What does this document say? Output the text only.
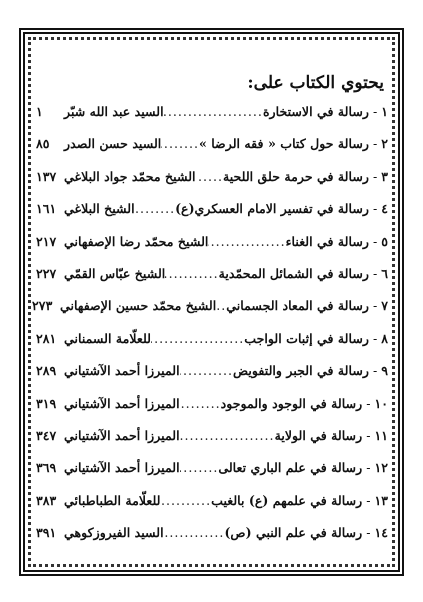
يحتوي الكتاب على:
١
-
رسالة في الاستخارة
.....
السيد عبد الله شبّر
١
٢
-
رسالة حول كتاب « فقه الرضا »
.....
السيد حسن الصدر
٨٥
٣
-
رسالة في حرمة حلق اللحية
.....
الشيخ محمّد جواد البلاغي
١٣٧
٤
-
رسالة في تفسير الامام العسكري(ع)
.....
الشيخ البلاغي
١٦١
٥
-
رسالة في الغناء
.....
الشيخ محمّد رضا الإصفهاني
٢١٧
٦
-
رسالة في الشمائل المحمّدية
.....
الشيخ عبّاس القمّي
٢٢٧
٧
-
رسالة في المعاد الجسماني
.....
الشيخ محمّد حسين الإصفهاني
٢٧٣
٨
-
رسالة في إثبات الواجب
.....
للعلّامة السمناني
٢٨١
٩
-
رسالة في الجبر والتفويض
.....
الميرزا أحمد الآشتياني
٢٨٩
١٠
-
رسالة في الوجود والموجود
.....
الميرزا أحمد الآشتياني
٣١٩
١١
-
رسالة في الولاية
.....
الميرزا أحمد الآشتياني
٣٤٧
١٢
-
رسالة في علم الباري تعالى
.....
الميرزا أحمد الآشتياني
٣٦٩
١٣
-
رسالة في علمهم (ع) بالغيب
.....
للعلّامة الطباطبائي
٣٨٣
١٤
-
رسالة في علم النبي (ص)
.....
السيد الفيروزكوهي
٣٩١
